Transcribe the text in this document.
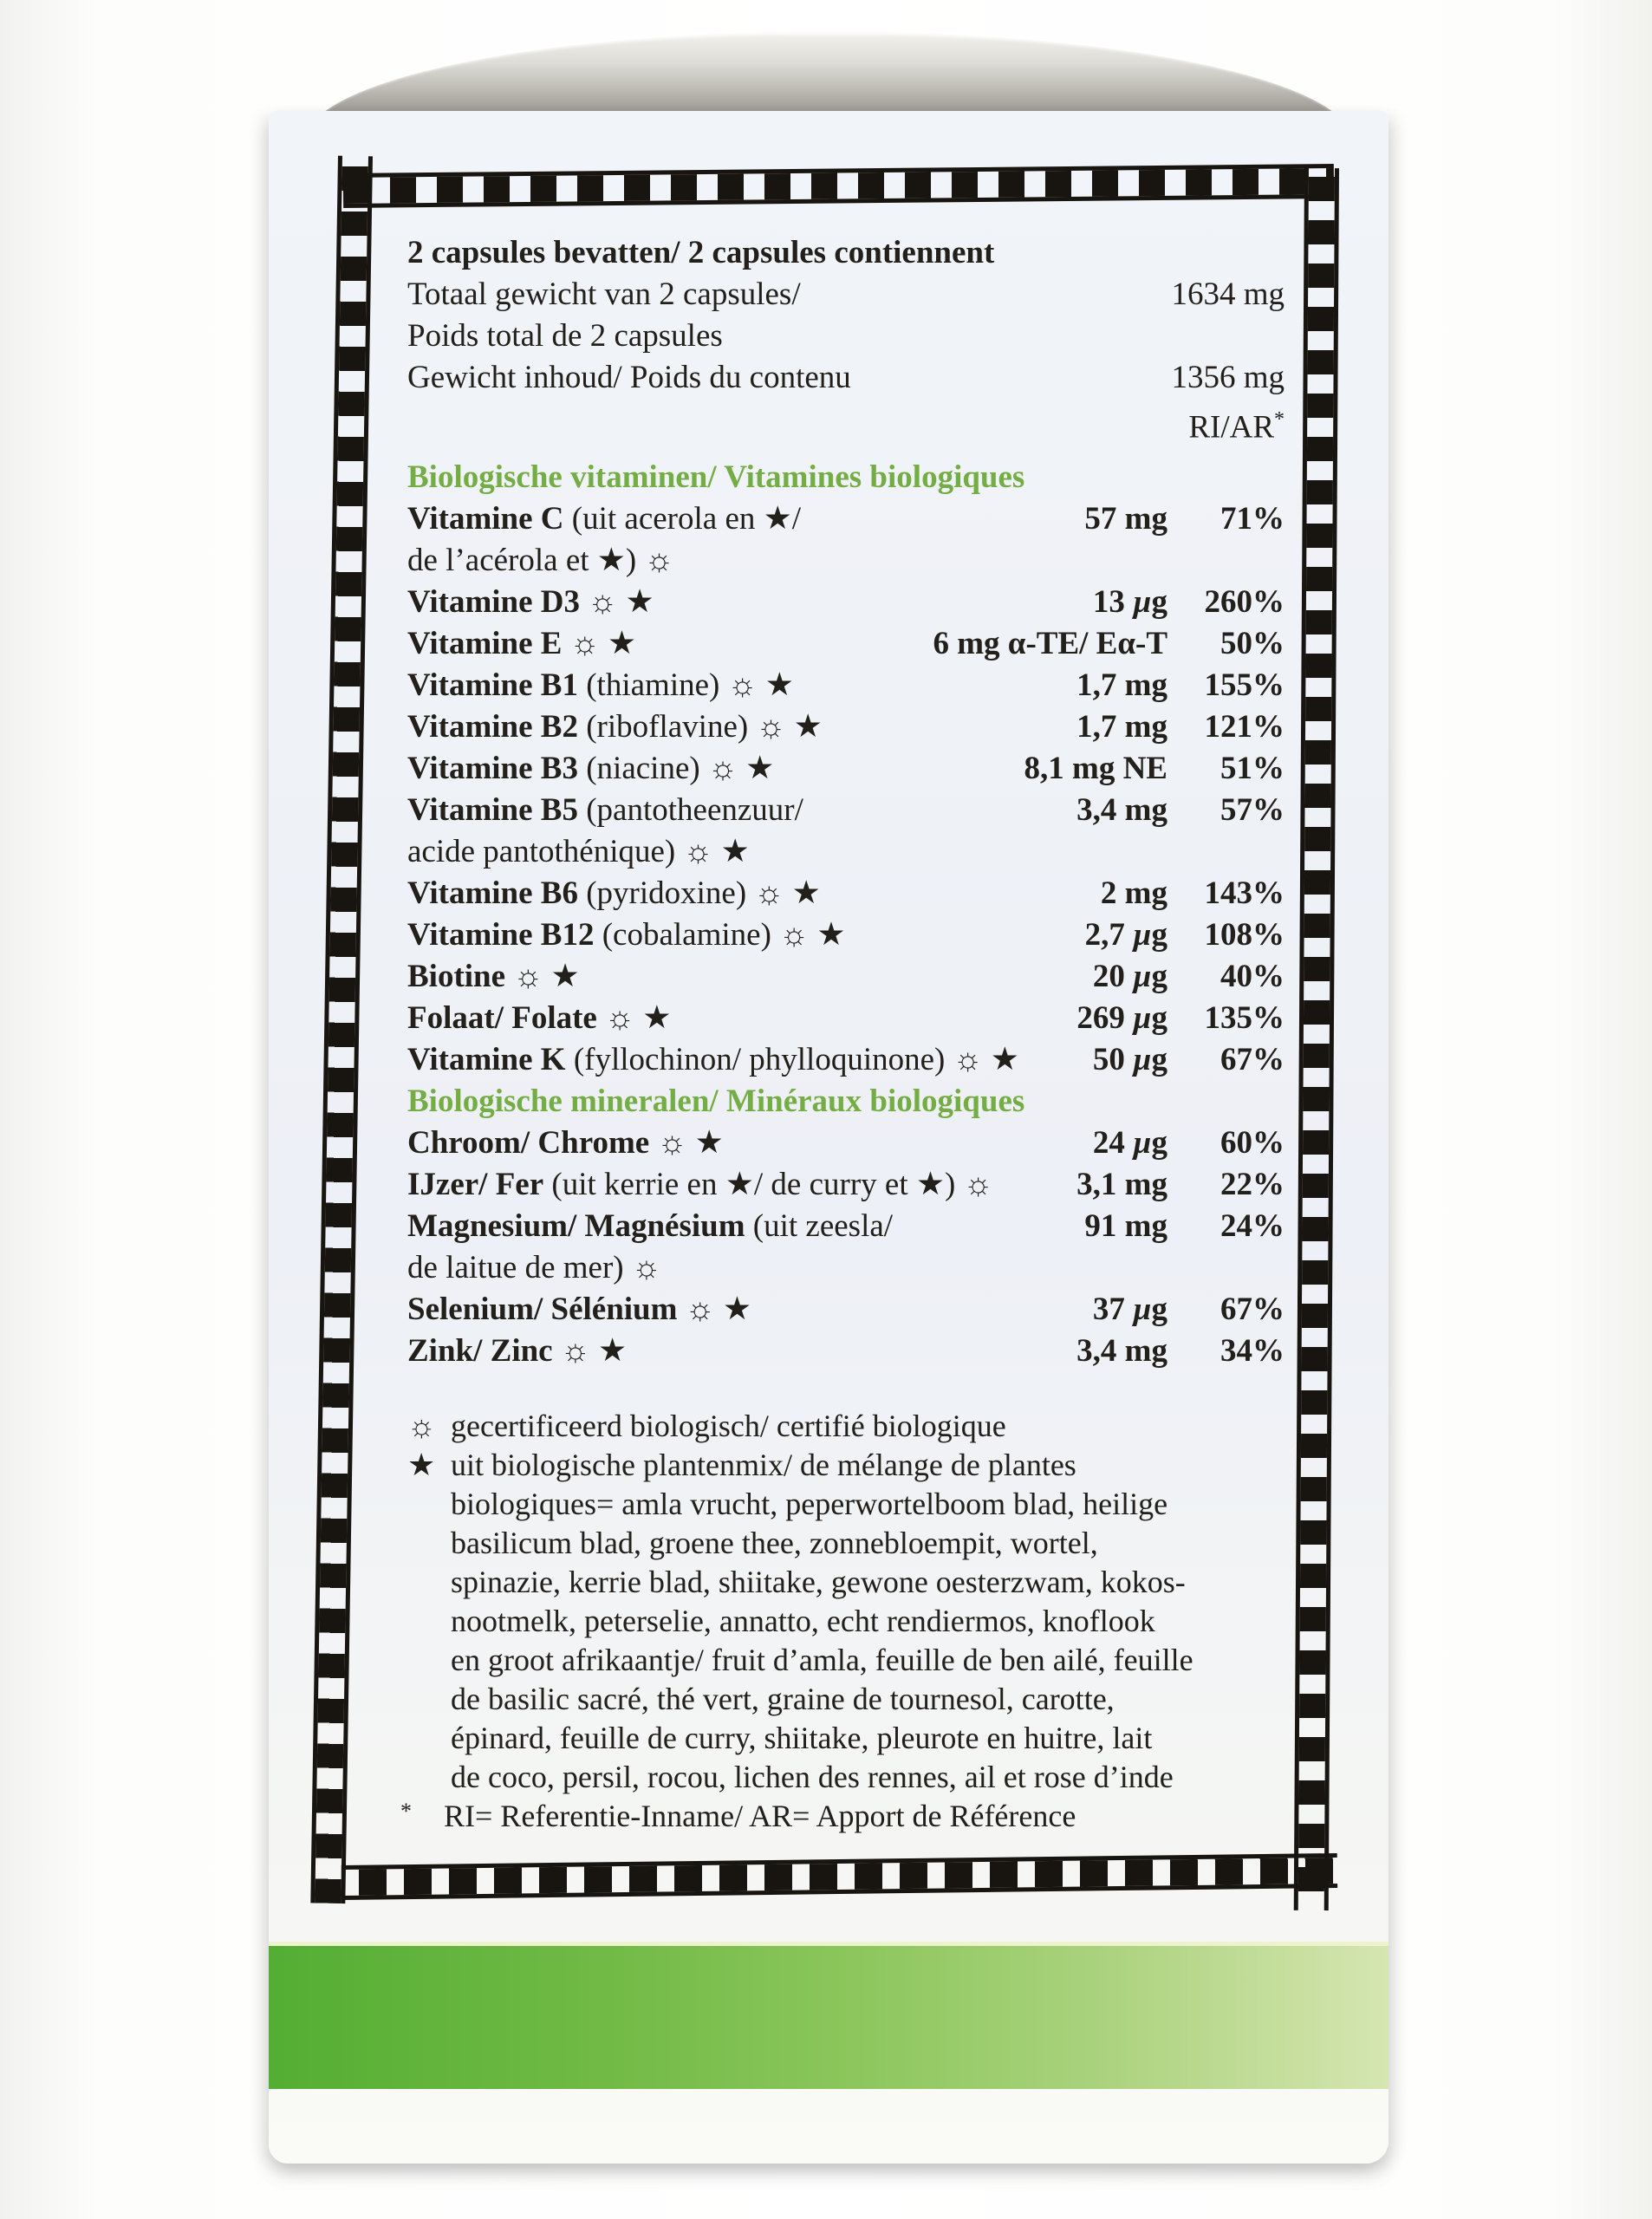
2 capsules bevatten/ 2 capsules contiennent
Totaal gewicht van 2 capsules/	1634 mg
Poids total de 2 capsules
Gewicht inhoud/ Poids du contenu	1356 mg
RI/AR*
Biologische vitaminen/ Vitamines biologiques
Vitamine C (uit acerola en ★/	57 mg	71%
de l’acérola et ★) ☼
Vitamine D3 ☼ ★	13 µg	260%
Vitamine E ☼ ★	6 mg α-TE/ Eα-T	50%
Vitamine B1 (thiamine) ☼ ★	1,7 mg	155%
Vitamine B2 (riboflavine) ☼ ★	1,7 mg	121%
Vitamine B3 (niacine) ☼ ★	8,1 mg NE	51%
Vitamine B5 (pantotheenzuur/	3,4 mg	57%
acide pantothénique) ☼ ★
Vitamine B6 (pyridoxine) ☼ ★	2 mg	143%
Vitamine B12 (cobalamine) ☼ ★	2,7 µg	108%
Biotine ☼ ★	20 µg	40%
Folaat/ Folate ☼ ★	269 µg	135%
Vitamine K (fyllochinon/ phylloquinone) ☼ ★	50 µg	67%
Biologische mineralen/ Minéraux biologiques
Chroom/ Chrome ☼ ★	24 µg	60%
IJzer/ Fer (uit kerrie en ★/ de curry et ★) ☼	3,1 mg	22%
Magnesium/ Magnésium (uit zeesla/	91 mg	24%
de laitue de mer) ☼
Selenium/ Sélénium ☼ ★	37 µg	67%
Zink/ Zinc ☼ ★	3,4 mg	34%
☼ gecertificeerd biologisch/ certifié biologique
★ uit biologische plantenmix/ de mélange de plantes
biologiques= amla vrucht, peperwortelboom blad, heilige
basilicum blad, groene thee, zonnebloempit, wortel,
spinazie, kerrie blad, shiitake, gewone oesterzwam, kokos-
nootmelk, peterselie, annatto, echt rendiermos, knoflook
en groot afrikaantje/ fruit d’amla, feuille de ben ailé, feuille
de basilic sacré, thé vert, graine de tournesol, carotte,
épinard, feuille de curry, shiitake, pleurote en huitre, lait
de coco, persil, rocou, lichen des rennes, ail et rose d’inde
*	RI= Referentie-Inname/ AR= Apport de Référence
